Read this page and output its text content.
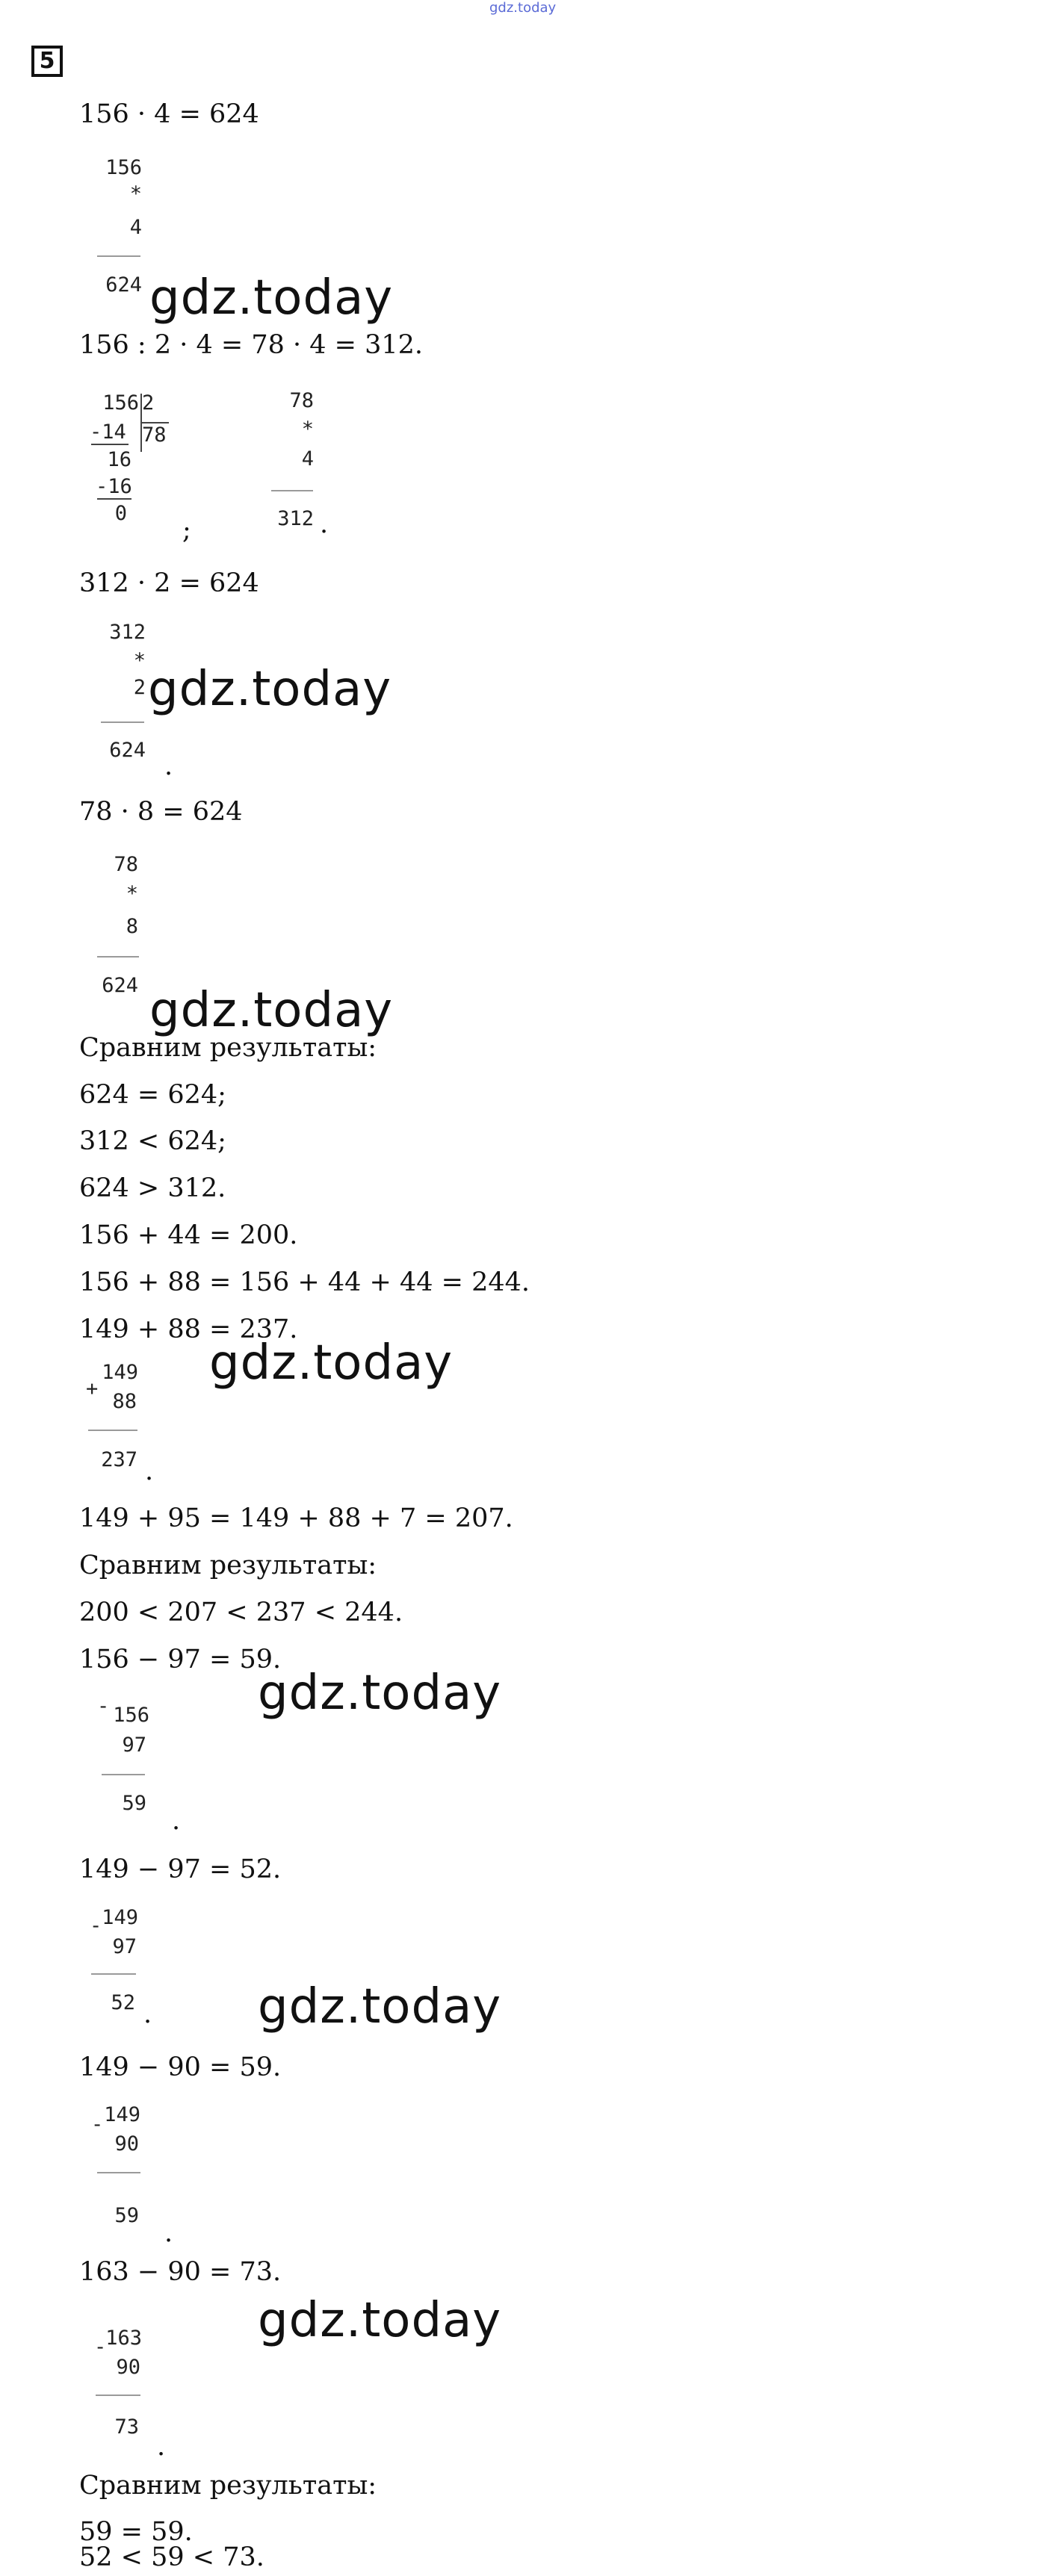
gdz.today
5
156 · 4 = 624
156
*
4
624 gdz.today
156 : 2 · 4 = 78 · 4 = 312.
156 2
78
-14
16
-16
0
;
78
*
4
312 .
312 · 2 = 624
312
*
2
624
.
gdz.today
78 · 8 = 624
78
*
8
624 gdz.today
Сравним результаты:
624 = 624;
312 < 624;
624 > 312.
156 + 44 = 200.
156 + 88 = 156 + 44 + 44 = 244.
149 + 88 = 237.
+
149
88
237 .
gdz.today
149 + 95 = 149 + 88 + 7 = 207.
Сравним результаты:
200 < 207 < 237 < 244.
156 − 97 = 59.
- 156
97
59
.
gdz.today
149 − 97 = 52.
- 149
97
52 . gdz.today
149 − 90 = 59.
- 149
90
59
.
163 − 90 = 73.
gdz.today
-
163
90
73
.
Сравним результаты:
59 = 59.
52 < 59 < 73.
